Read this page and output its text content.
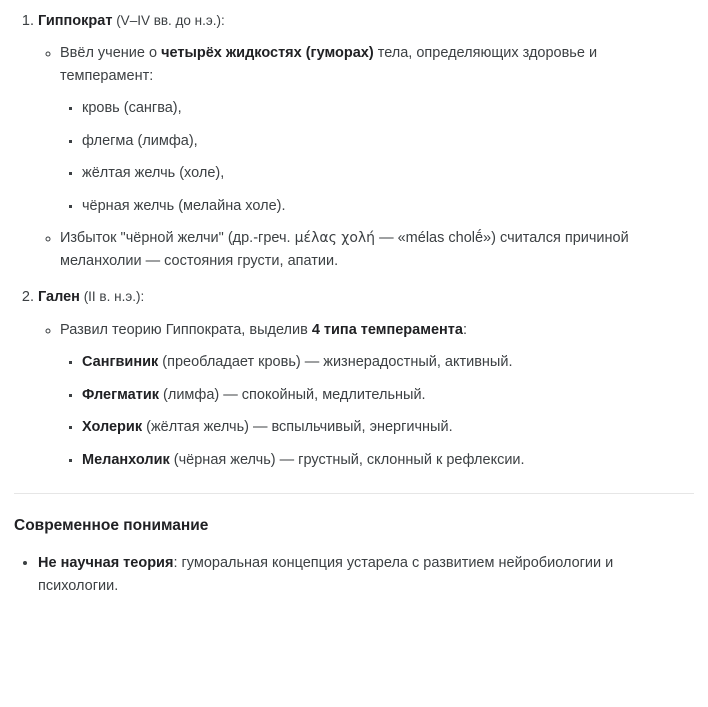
1. Гиппократ (V–IV вв. до н.э.):
◦ Ввёл учение о четырёх жидкостях (гуморах) тела, определяющих здоровье и темперамент:
▪ кровь (сангва),
▪ флегма (лимфа),
▪ жёлтая желчь (холе),
▪ чёрная желчь (мелайна холе).
◦ Избыток "чёрной желчи" (др.-греч. μέλας χολή — «mélas cholḗ») считался причиной меланхолии — состояния грусти, апатии.
2. Гален (II в. н.э.):
◦ Развил теорию Гиппократа, выделив 4 типа темперамента:
▪ Сангвиник (преобладает кровь) — жизнерадостный, активный.
▪ Флегматик (лимфа) — спокойный, медлительный.
▪ Холерик (жёлтая желчь) — вспыльчивый, энергичный.
▪ Меланхолик (чёрная желчь) — грустный, склонный к рефлексии.
Современное понимание
• Не научная теория: гуморальная концепция устарела с развитием нейробиологии и психологии.
